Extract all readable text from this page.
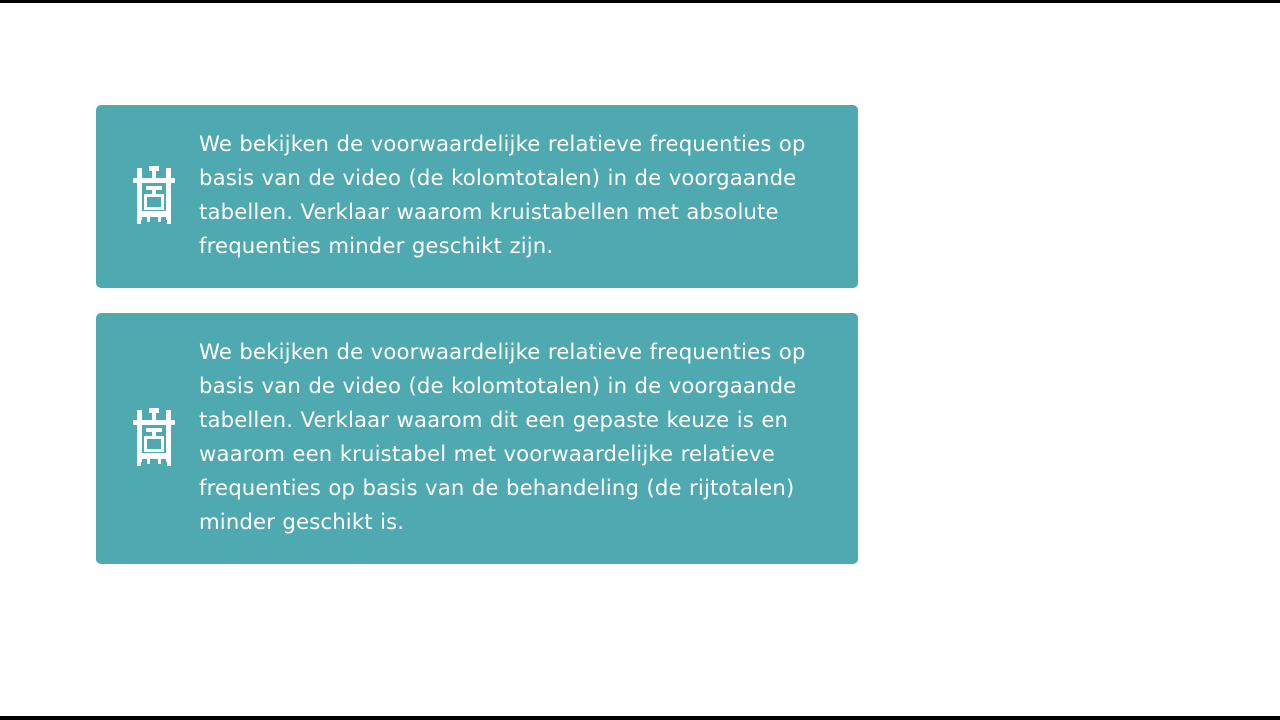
We bekijken de voorwaardelijke relatieve frequenties op basis van de video (de kolomtotalen) in de voorgaande tabellen. Verklaar waarom kruistabellen met absolute frequenties minder geschikt zijn.

We bekijken de voorwaardelijke relatieve frequenties op basis van de video (de kolomtotalen) in de voorgaande tabellen. Verklaar waarom dit een gepaste keuze is en waarom een kruistabel met voorwaardelijke relatieve frequenties op basis van de behandeling (de rijtotalen) minder geschikt is.
